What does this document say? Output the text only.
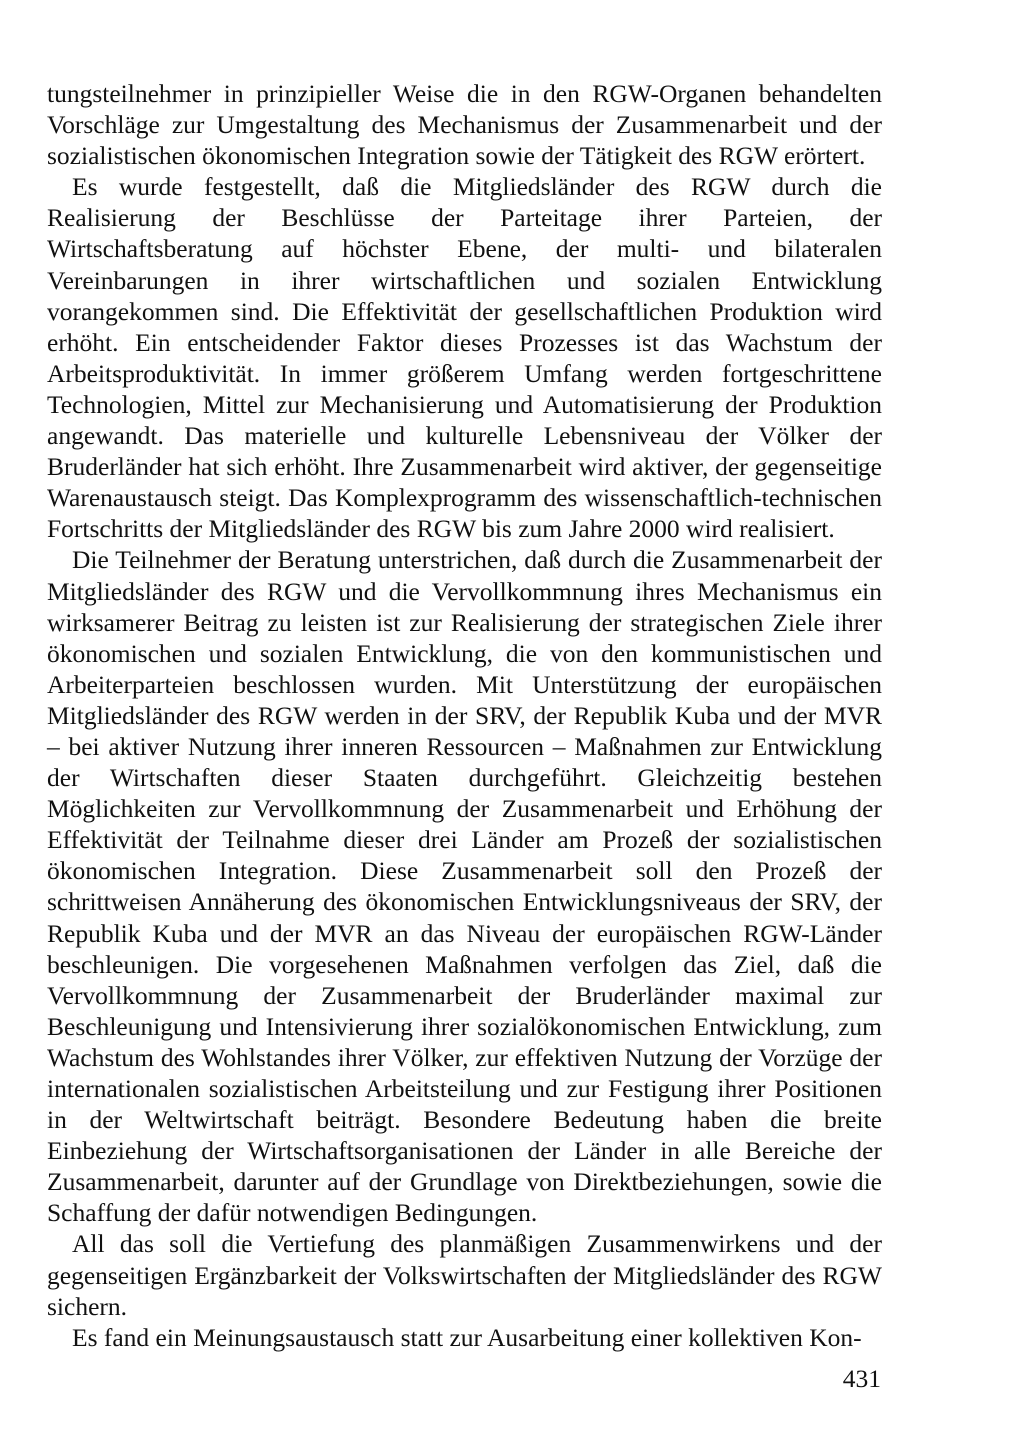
tungsteilnehmer in prinzipieller Weise die in den RGW-Organen behandelten Vorschläge zur Umgestaltung des Mechanismus der Zusammenarbeit und der sozialistischen ökonomischen Integration sowie der Tätigkeit des RGW erörtert.

Es wurde festgestellt, daß die Mitgliedsländer des RGW durch die Realisierung der Beschlüsse der Parteitage ihrer Parteien, der Wirtschaftsberatung auf höchster Ebene, der multi- und bilateralen Vereinbarungen in ihrer wirtschaftlichen und sozialen Entwicklung vorangekommen sind. Die Effektivität der gesellschaftlichen Produktion wird erhöht. Ein entscheidender Faktor dieses Prozesses ist das Wachstum der Arbeitsproduktivität. In immer größerem Umfang werden fortgeschrittene Technologien, Mittel zur Mechanisierung und Automatisierung der Produktion angewandt. Das materielle und kulturelle Lebensniveau der Völker der Bruderländer hat sich erhöht. Ihre Zusammenarbeit wird aktiver, der gegenseitige Warenaustausch steigt. Das Komplexprogramm des wissenschaftlich-technischen Fortschritts der Mitgliedsländer des RGW bis zum Jahre 2000 wird realisiert.

Die Teilnehmer der Beratung unterstrichen, daß durch die Zusammenarbeit der Mitgliedsländer des RGW und die Vervollkommnung ihres Mechanismus ein wirksamerer Beitrag zu leisten ist zur Realisierung der strategischen Ziele ihrer ökonomischen und sozialen Entwicklung, die von den kommunistischen und Arbeiterparteien beschlossen wurden. Mit Unterstützung der europäischen Mitgliedsländer des RGW werden in der SRV, der Republik Kuba und der MVR – bei aktiver Nutzung ihrer inneren Ressourcen – Maßnahmen zur Entwicklung der Wirtschaften dieser Staaten durchgeführt. Gleichzeitig bestehen Möglichkeiten zur Vervollkommnung der Zusammenarbeit und Erhöhung der Effektivität der Teilnahme dieser drei Länder am Prozeß der sozialistischen ökonomischen Integration. Diese Zusammenarbeit soll den Prozeß der schrittweisen Annäherung des ökonomischen Entwicklungsniveaus der SRV, der Republik Kuba und der MVR an das Niveau der europäischen RGW-Länder beschleunigen. Die vorgesehenen Maßnahmen verfolgen das Ziel, daß die Vervollkommnung der Zusammenarbeit der Bruderländer maximal zur Beschleunigung und Intensivierung ihrer sozialökonomischen Entwicklung, zum Wachstum des Wohlstandes ihrer Völker, zur effektiven Nutzung der Vorzüge der internationalen sozialistischen Arbeitsteilung und zur Festigung ihrer Positionen in der Weltwirtschaft beiträgt. Besondere Bedeutung haben die breite Einbeziehung der Wirtschaftsorganisationen der Länder in alle Bereiche der Zusammenarbeit, darunter auf der Grundlage von Direktbeziehungen, sowie die Schaffung der dafür notwendigen Bedingungen.

All das soll die Vertiefung des planmäßigen Zusammenwirkens und der gegenseitigen Ergänzbarkeit der Volkswirtschaften der Mitgliedsländer des RGW sichern.

Es fand ein Meinungsaustausch statt zur Ausarbeitung einer kollektiven Kon-

431
